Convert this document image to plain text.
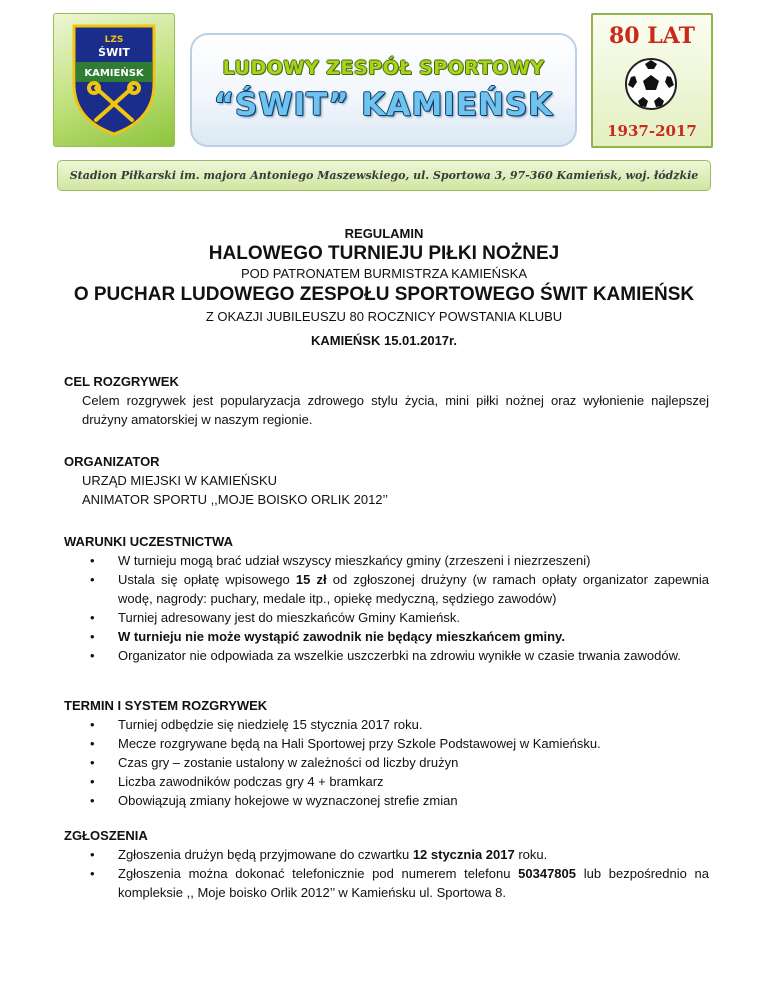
LZS
ŚWIT
KAMIEŃSK	LUDOWY ZESPÓŁ SPORTOWY
“ŚWIT” KAMIEŃSK
80 LAT
1937-2017
Stadion Piłkarski im. majora Antoniego Maszewskiego, ul. Sportowa 3, 97-360 Kamieńsk, woj. łódzkie
REGULAMIN
HALOWEGO TURNIEJU PIŁKI NOŻNEJ
POD PATRONATEM BURMISTRZA KAMIEŃSKA
O PUCHAR LUDOWEGO ZESPOŁU SPORTOWEGO ŚWIT KAMIEŃSK
Z OKAZJI JUBILEUSZU 80 ROCZNICY POWSTANIA KLUBU
KAMIEŃSK 15.01.2017r.
CEL ROZGRYWEK
Celem rozgrywek jest popularyzacja zdrowego stylu życia, mini piłki nożnej oraz wyłonienie najlepszej drużyny amatorskiej w naszym regionie.
ORGANIZATOR
URZĄD MIEJSKI W KAMIEŃSKU
ANIMATOR SPORTU ,,MOJE BOISKO ORLIK 2012’’
WARUNKI UCZESTNICTWA
• W turnieju mogą brać udział wszyscy mieszkańcy gminy (zrzeszeni i niezrzeszeni)
• Ustala się opłatę wpisowego 15 zł od zgłoszonej drużyny (w ramach opłaty organizator zapewnia wodę, nagrody: puchary, medale itp., opiekę medyczną, sędziego zawodów)
• Turniej adresowany jest do mieszkańców Gminy Kamieńsk.
• W turnieju nie może wystąpić zawodnik nie będący mieszkańcem gminy.
• Organizator nie odpowiada za wszelkie uszczerbki na zdrowiu wynikłe w czasie trwania zawodów.
TERMIN I SYSTEM ROZGRYWEK
• Turniej odbędzie się niedzielę 15 stycznia 2017 roku.
• Mecze rozgrywane będą na Hali Sportowej przy Szkole Podstawowej w Kamieńsku.
• Czas gry – zostanie ustalony w zależności od liczby drużyn
• Liczba zawodników podczas gry 4 + bramkarz
• Obowiązują zmiany hokejowe w wyznaczonej strefie zmian
ZGŁOSZENIA
• Zgłoszenia drużyn będą przyjmowane do czwartku 12 stycznia 2017 roku.
• Zgłoszenia można dokonać telefonicznie pod numerem telefonu 50347805 lub bezpośrednio na kompleksie ,, Moje boisko Orlik 2012’’ w Kamieńsku ul. Sportowa 8.
